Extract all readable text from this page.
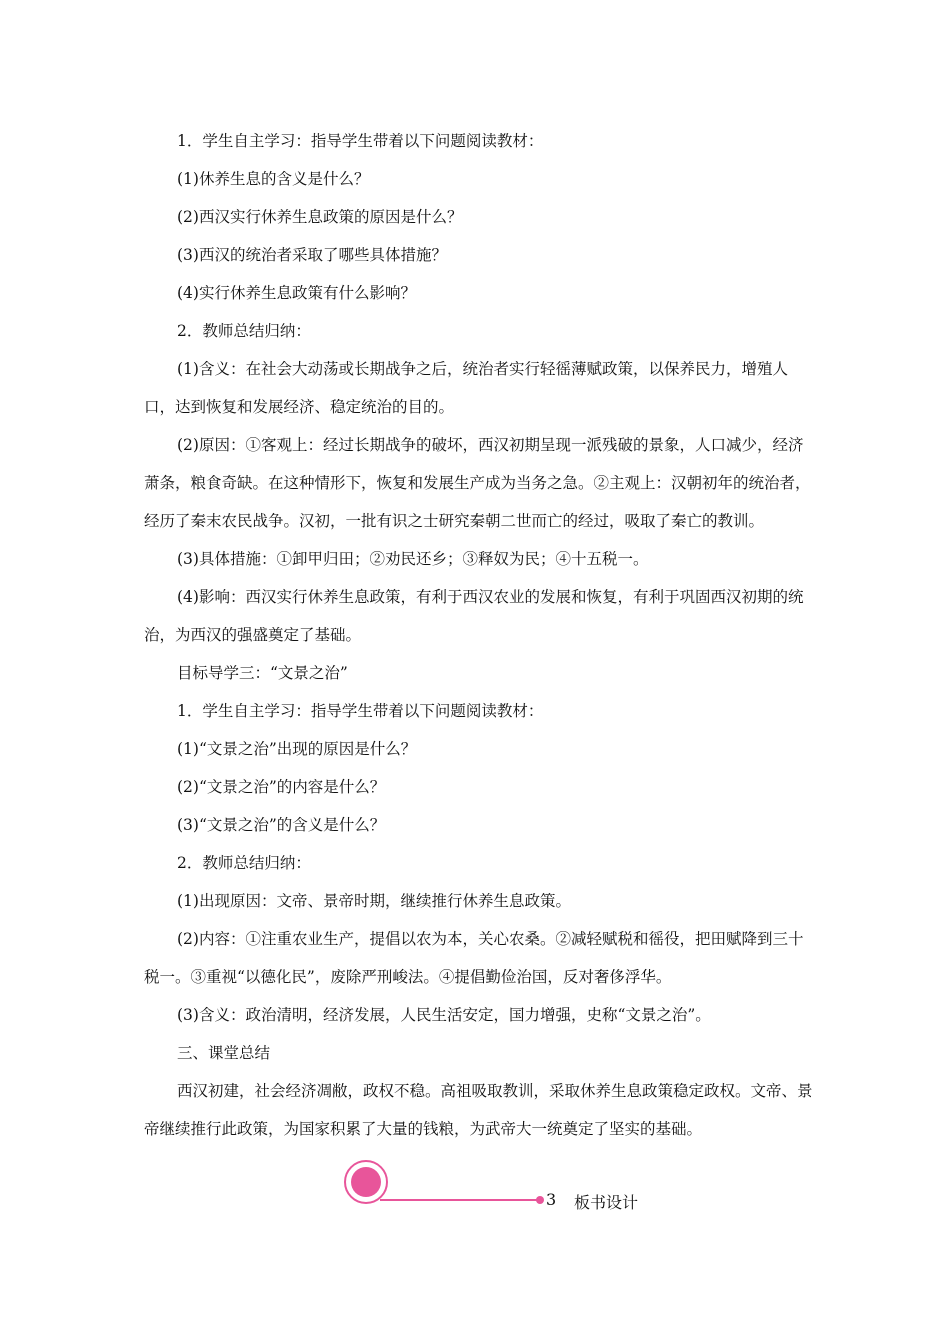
1．学生自主学习：指导学生带着以下问题阅读教材：

(1)休养生息的含义是什么？

(2)西汉实行休养生息政策的原因是什么？

(3)西汉的统治者采取了哪些具体措施？

(4)实行休养生息政策有什么影响？

2．教师总结归纳：

(1)含义：在社会大动荡或长期战争之后，统治者实行轻徭薄赋政策，以保养民力，增殖人口，达到恢复和发展经济、稳定统治的目的。

(2)原因：①客观上：经过长期战争的破坏，西汉初期呈现一派残破的景象，人口减少，经济萧条，粮食奇缺。在这种情形下，恢复和发展生产成为当务之急。②主观上：汉朝初年的统治者，经历了秦末农民战争。汉初，一批有识之士研究秦朝二世而亡的经过，吸取了秦亡的教训。

(3)具体措施：①卸甲归田；②劝民还乡；③释奴为民；④十五税一。

(4)影响：西汉实行休养生息政策，有利于西汉农业的发展和恢复，有利于巩固西汉初期的统治，为西汉的强盛奠定了基础。

目标导学三：“文景之治”

1．学生自主学习：指导学生带着以下问题阅读教材：

(1)“文景之治”出现的原因是什么？

(2)“文景之治”的内容是什么？

(3)“文景之治”的含义是什么？

2．教师总结归纳：

(1)出现原因：文帝、景帝时期，继续推行休养生息政策。

(2)内容：①注重农业生产，提倡以农为本，关心农桑。②减轻赋税和徭役，把田赋降到三十税一。③重视“以德化民”，废除严刑峻法。④提倡勤俭治国，反对奢侈浮华。

(3)含义：政治清明，经济发展，人民生活安定，国力增强，史称“文景之治”。

三、课堂总结

西汉初建，社会经济凋敝，政权不稳。高祖吸取教训，采取休养生息政策稳定政权。文帝、景帝继续推行此政策，为国家积累了大量的钱粮，为武帝大一统奠定了坚实的基础。

3 板书设计
